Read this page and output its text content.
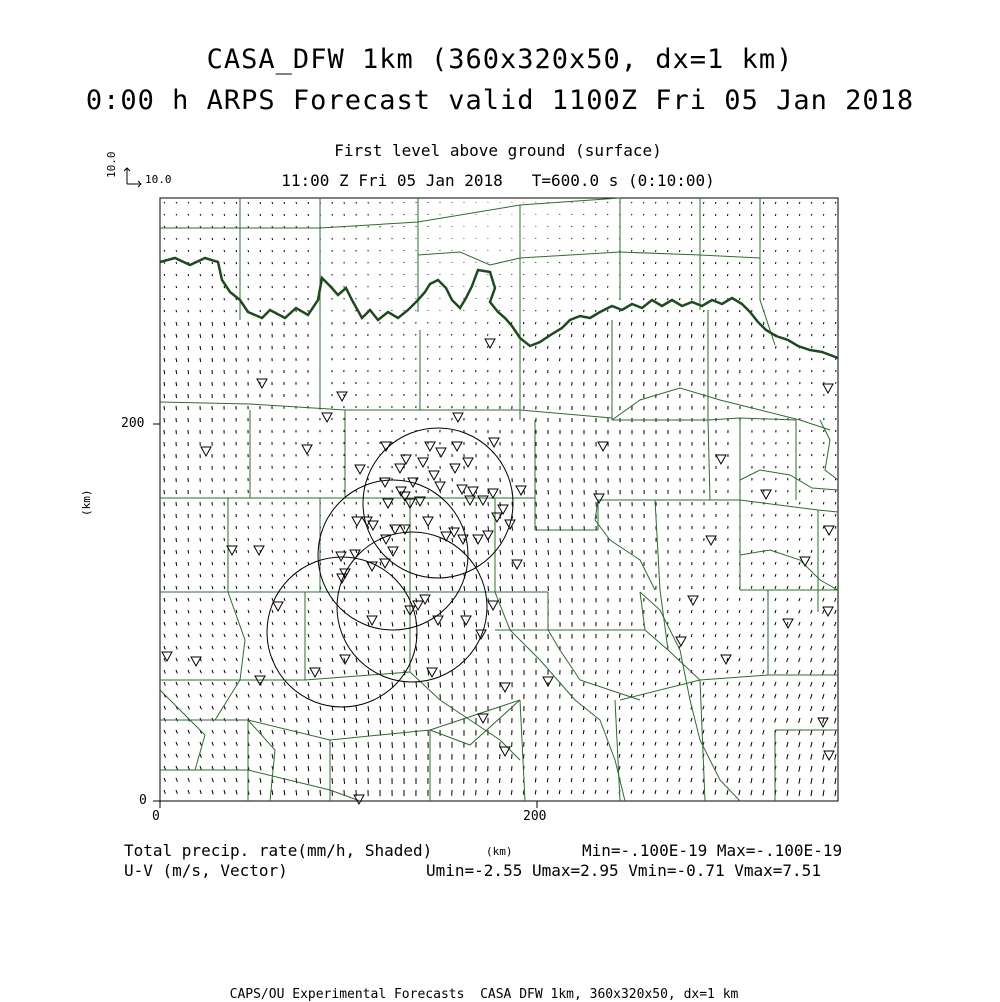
CASA_DFW 1km (360x320x50, dx=1 km)
0:00 h ARPS Forecast valid 1100Z Fri 05 Jan 2018
First level above ground (surface)
11:00 Z Fri 05 Jan 2018   T=600.0 s (0:10:00)
10.0
10.0
0	200
0
200
(km)
(km)
Total precip. rate(mm/h, Shaded)	Min=-.100E-19 Max=-.100E-19
U-V (m/s, Vector)	Umin=-2.55 Umax=2.95 Vmin=-0.71 Vmax=7.51
CAPS/OU Experimental Forecasts  CASA DFW 1km, 360x320x50, dx=1 km
